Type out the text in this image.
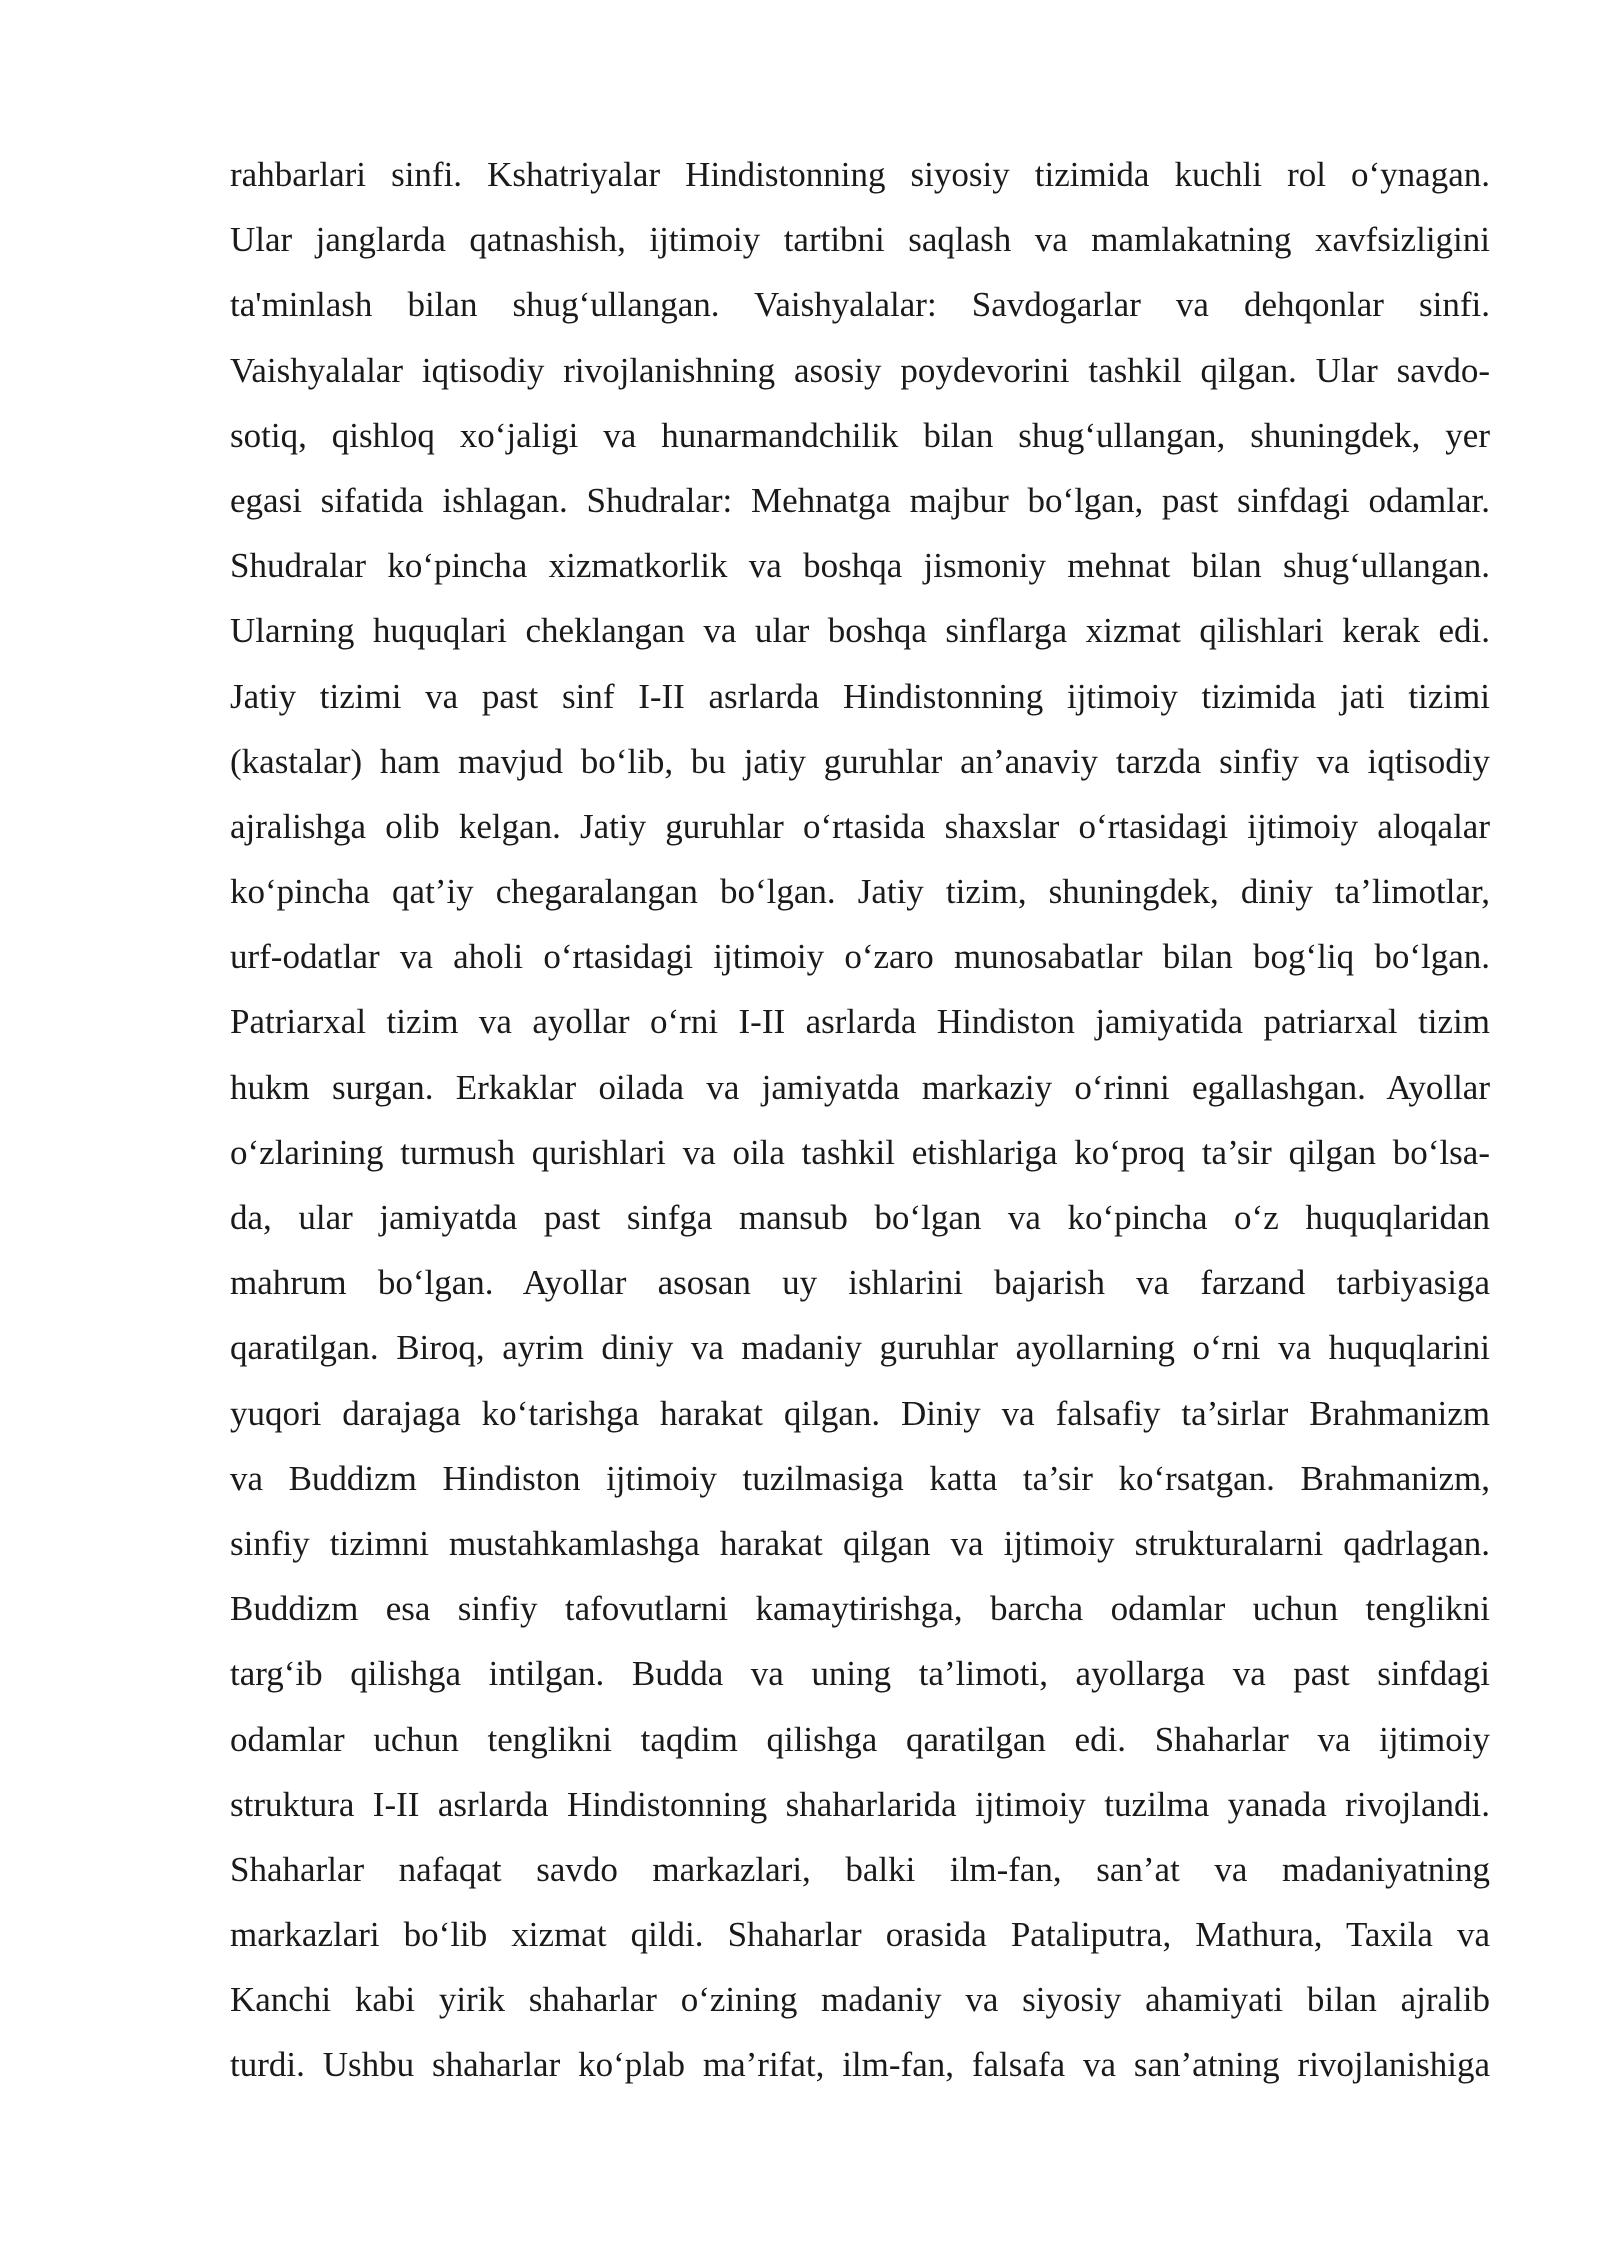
rahbarlari sinfi. Kshatriyalar Hindistonning siyosiy tizimida kuchli rol o‘ynagan.
Ular janglarda qatnashish, ijtimoiy tartibni saqlash va mamlakatning xavfsizligini
ta'minlash bilan shug‘ullangan. Vaishyalalar: Savdogarlar va dehqonlar sinfi.
Vaishyalalar iqtisodiy rivojlanishning asosiy poydevorini tashkil qilgan. Ular savdo-
sotiq, qishloq xo‘jaligi va hunarmandchilik bilan shug‘ullangan, shuningdek, yer
egasi sifatida ishlagan. Shudralar: Mehnatga majbur bo‘lgan, past sinfdagi odamlar.
Shudralar ko‘pincha xizmatkorlik va boshqa jismoniy mehnat bilan shug‘ullangan.
Ularning huquqlari cheklangan va ular boshqa sinflarga xizmat qilishlari kerak edi.
Jatiy tizimi va past sinf I-II asrlarda Hindistonning ijtimoiy tizimida jati tizimi
(kastalar) ham mavjud bo‘lib, bu jatiy guruhlar an’anaviy tarzda sinfiy va iqtisodiy
ajralishga olib kelgan. Jatiy guruhlar o‘rtasida shaxslar o‘rtasidagi ijtimoiy aloqalar
ko‘pincha qat’iy chegaralangan bo‘lgan. Jatiy tizim, shuningdek, diniy ta’limotlar,
urf-odatlar va aholi o‘rtasidagi ijtimoiy o‘zaro munosabatlar bilan bog‘liq bo‘lgan.
Patriarxal tizim va ayollar o‘rni I-II asrlarda Hindiston jamiyatida patriarxal tizim
hukm surgan. Erkaklar oilada va jamiyatda markaziy o‘rinni egallashgan. Ayollar
o‘zlarining turmush qurishlari va oila tashkil etishlariga ko‘proq ta’sir qilgan bo‘lsa-
da, ular jamiyatda past sinfga mansub bo‘lgan va ko‘pincha o‘z huquqlaridan
mahrum bo‘lgan. Ayollar asosan uy ishlarini bajarish va farzand tarbiyasiga
qaratilgan. Biroq, ayrim diniy va madaniy guruhlar ayollarning o‘rni va huquqlarini
yuqori darajaga ko‘tarishga harakat qilgan. Diniy va falsafiy ta’sirlar Brahmanizm
va Buddizm Hindiston ijtimoiy tuzilmasiga katta ta’sir ko‘rsatgan. Brahmanizm,
sinfiy tizimni mustahkamlashga harakat qilgan va ijtimoiy strukturalarni qadrlagan.
Buddizm esa sinfiy tafovutlarni kamaytirishga, barcha odamlar uchun tenglikni
targ‘ib qilishga intilgan. Budda va uning ta’limoti, ayollarga va past sinfdagi
odamlar uchun tenglikni taqdim qilishga qaratilgan edi. Shaharlar va ijtimoiy
struktura I-II asrlarda Hindistonning shaharlarida ijtimoiy tuzilma yanada rivojlandi.
Shaharlar nafaqat savdo markazlari, balki ilm-fan, san’at va madaniyatning
markazlari bo‘lib xizmat qildi. Shaharlar orasida Pataliputra, Mathura, Taxila va
Kanchi kabi yirik shaharlar o‘zining madaniy va siyosiy ahamiyati bilan ajralib
turdi. Ushbu shaharlar ko‘plab ma’rifat, ilm-fan, falsafa va san’atning rivojlanishiga
